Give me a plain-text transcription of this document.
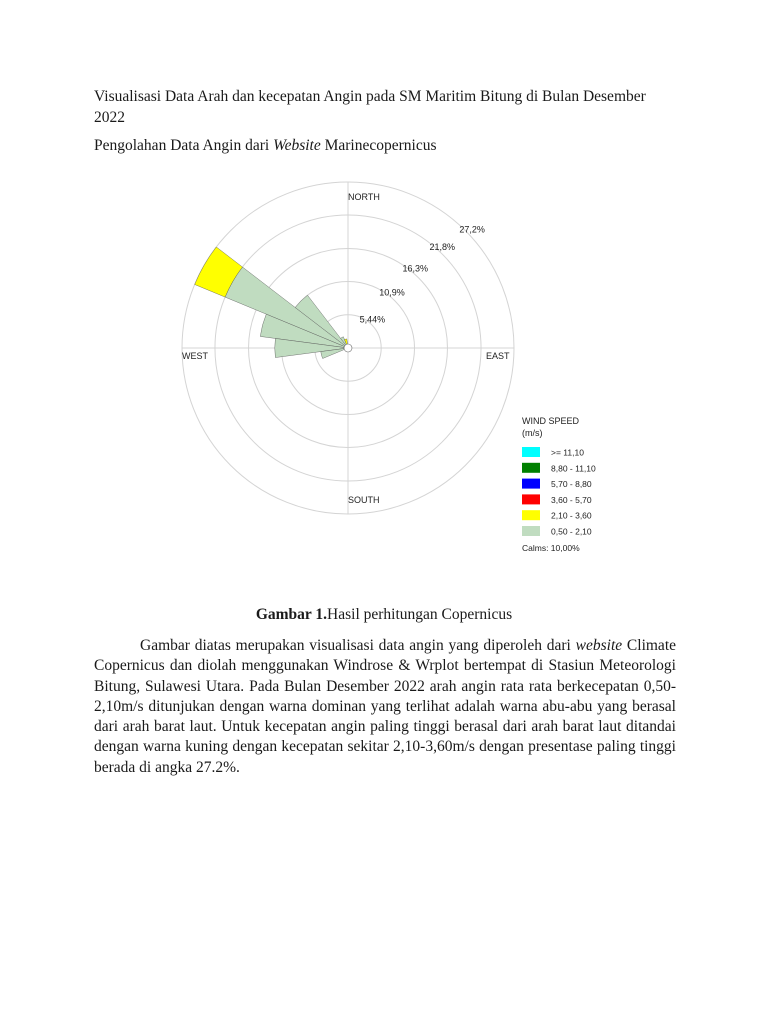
Visualisasi Data Arah dan kecepatan Angin pada SM Maritim Bitung di Bulan Desember 2022
Pengolahan Data Angin dari Website Marinecopernicus
5,44%
10,9%
16,3%
21,8%
27,2%
NORTH
SOUTH
WEST	EAST
WIND SPEED
(m/s)
>= 11,10
8,80 - 11,10
5,70 - 8,80
3,60 - 5,70
2,10 - 3,60
0,50 - 2,10
Calms: 10,00%
Gambar 1.Hasil perhitungan Copernicus
Gambar diatas merupakan visualisasi data angin yang diperoleh dari website Climate Copernicus dan diolah menggunakan Windrose & Wrplot bertempat di Stasiun Meteorologi Bitung, Sulawesi Utara. Pada Bulan Desember 2022 arah angin rata rata berkecepatan 0,50-2,10m/s ditunjukan dengan warna dominan yang terlihat adalah warna abu-abu yang berasal dari arah barat laut. Untuk kecepatan angin paling tinggi berasal dari arah barat laut ditandai dengan warna kuning dengan kecepatan sekitar 2,10-3,60m/s dengan presentase paling tinggi berada di angka 27.2%.
